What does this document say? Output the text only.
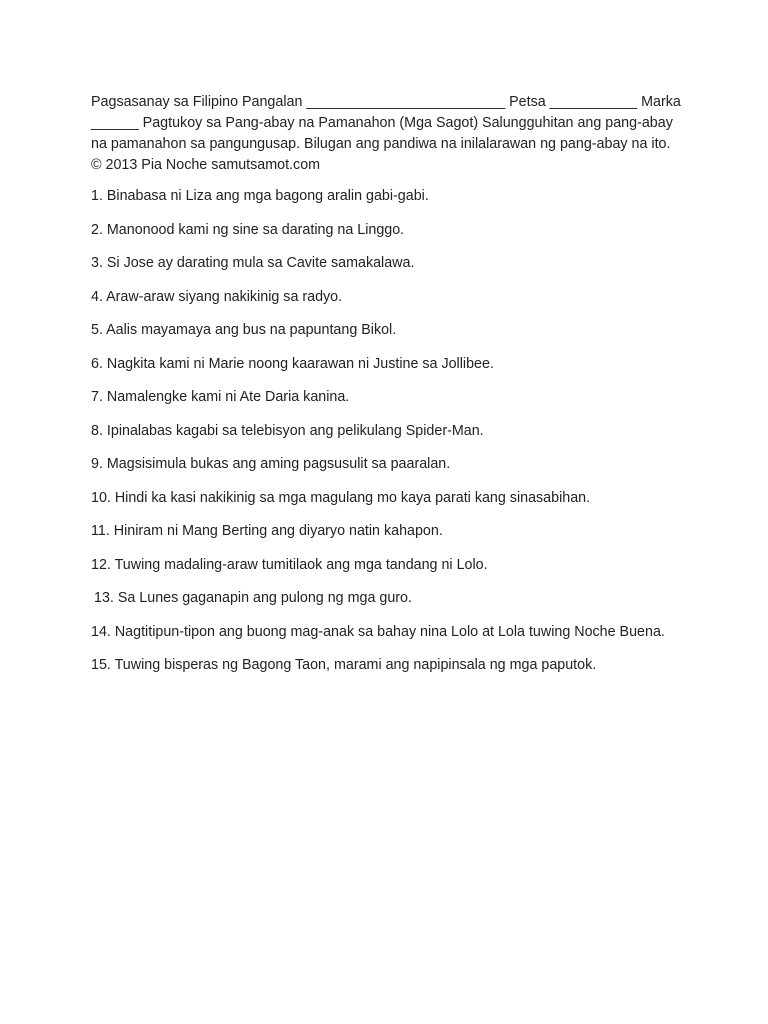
Pagsasanay sa Filipino Pangalan _________________________ Petsa ___________ Marka ______ Pagtukoy sa Pang-abay na Pamanahon (Mga Sagot) Salungguhitan ang pang-abay na pamanahon sa pangungusap. Bilugan ang pandiwa na inilalarawan ng pang-abay na ito. © 2013 Pia Noche samutsamot.com

1. Binabasa ni Liza ang mga bagong aralin gabi-gabi.
2. Manonood kami ng sine sa darating na Linggo.
3. Si Jose ay darating mula sa Cavite samakalawa.
4. Araw-araw siyang nakikinig sa radyo.
5. Aalis mayamaya ang bus na papuntang Bikol.
6. Nagkita kami ni Marie noong kaarawan ni Justine sa Jollibee.
7. Namalengke kami ni Ate Daria kanina.
8. Ipinalabas kagabi sa telebisyon ang pelikulang Spider-Man.
9. Magsisimula bukas ang aming pagsusulit sa paaralan.
10. Hindi ka kasi nakikinig sa mga magulang mo kaya parati kang sinasabihan.
11. Hiniram ni Mang Berting ang diyaryo natin kahapon.
12. Tuwing madaling-araw tumitilaok ang mga tandang ni Lolo.
13. Sa Lunes gaganapin ang pulong ng mga guro.
14. Nagtitipun-tipon ang buong mag-anak sa bahay nina Lolo at Lola tuwing Noche Buena.
15. Tuwing bisperas ng Bagong Taon, marami ang napipinsala ng mga paputok.
